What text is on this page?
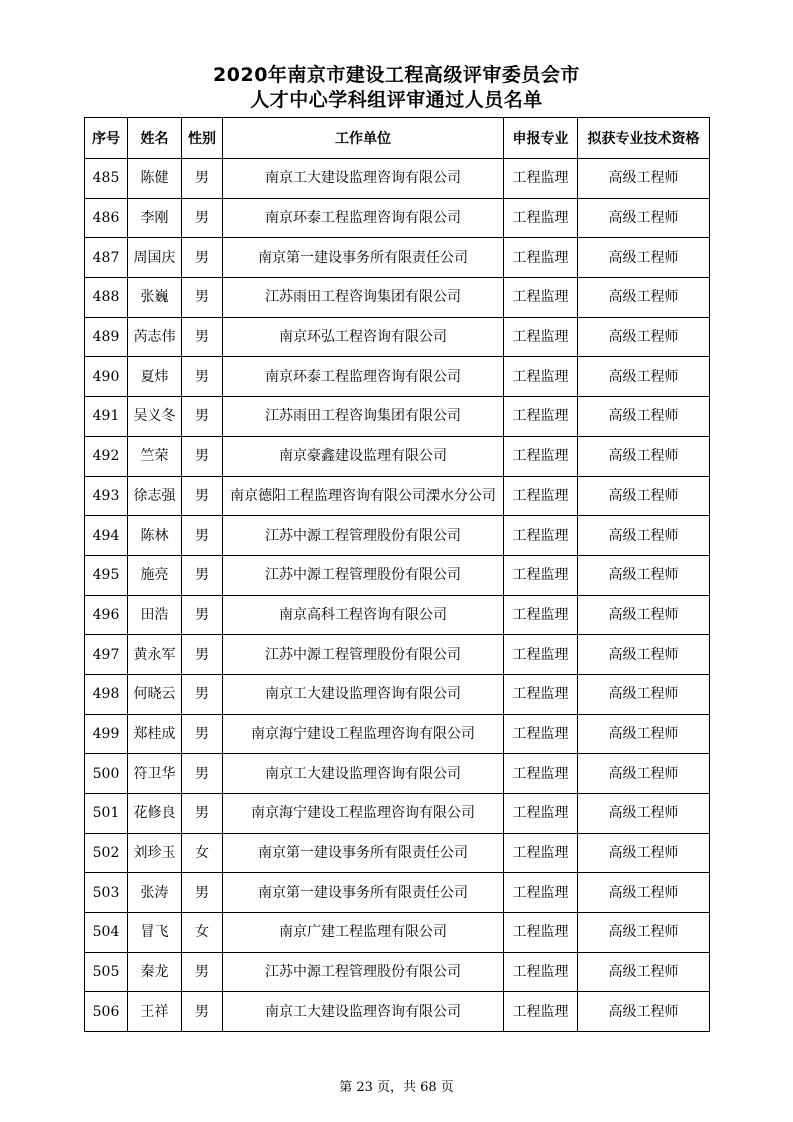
2020年南京市建设工程高级评审委员会市
人才中心学科组评审通过人员名单
序号	姓名	性别	工作单位	申报专业	拟获专业技术资格
485	陈健	男	南京工大建设监理咨询有限公司	工程监理	高级工程师
486	李刚	男	南京环泰工程监理咨询有限公司	工程监理	高级工程师
487	周国庆	男	南京第一建设事务所有限责任公司	工程监理	高级工程师
488	张巍	男	江苏雨田工程咨询集团有限公司	工程监理	高级工程师
489	芮志伟	男	南京环弘工程咨询有限公司	工程监理	高级工程师
490	夏炜	男	南京环泰工程监理咨询有限公司	工程监理	高级工程师
491	吴义冬	男	江苏雨田工程咨询集团有限公司	工程监理	高级工程师
492	竺荣	男	南京豪鑫建设监理有限公司	工程监理	高级工程师
493	徐志强	男	南京德阳工程监理咨询有限公司溧水分公司	工程监理	高级工程师
494	陈林	男	江苏中源工程管理股份有限公司	工程监理	高级工程师
495	施亮	男	江苏中源工程管理股份有限公司	工程监理	高级工程师
496	田浩	男	南京高科工程咨询有限公司	工程监理	高级工程师
497	黄永军	男	江苏中源工程管理股份有限公司	工程监理	高级工程师
498	何晓云	男	南京工大建设监理咨询有限公司	工程监理	高级工程师
499	郑桂成	男	南京海宁建设工程监理咨询有限公司	工程监理	高级工程师
500	符卫华	男	南京工大建设监理咨询有限公司	工程监理	高级工程师
501	花修良	男	南京海宁建设工程监理咨询有限公司	工程监理	高级工程师
502	刘珍玉	女	南京第一建设事务所有限责任公司	工程监理	高级工程师
503	张涛	男	南京第一建设事务所有限责任公司	工程监理	高级工程师
504	冒飞	女	南京广建工程监理有限公司	工程监理	高级工程师
505	秦龙	男	江苏中源工程管理股份有限公司	工程监理	高级工程师
506	王祥	男	南京工大建设监理咨询有限公司	工程监理	高级工程师
第 23 页，共 68 页
